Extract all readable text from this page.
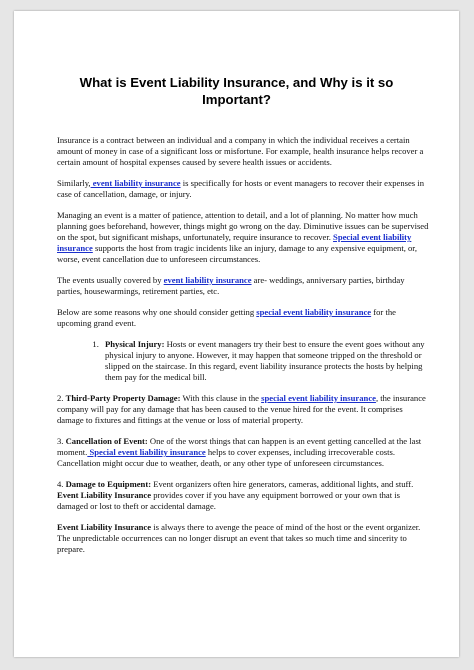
What is Event Liability Insurance, and Why is it so Important?

Insurance is a contract between an individual and a company in which the individual receives a certain amount of money in case of a significant loss or misfortune. For example, health insurance helps recover a certain amount of hospital expenses caused by severe health issues or accidents.

Similarly, event liability insurance is specifically for hosts or event managers to recover their expenses in case of cancellation, damage, or injury.

Managing an event is a matter of patience, attention to detail, and a lot of planning. No matter how much planning goes beforehand, however, things might go wrong on the day. Diminutive issues can be supervised on the spot, but significant mishaps, unfortunately, require insurance to recover. Special event liability insurance supports the host from tragic incidents like an injury, damage to any expensive equipment, or, worse, event cancellation due to unforeseen circumstances.

The events usually covered by event liability insurance are- weddings, anniversary parties, birthday parties, housewarmings, retirement parties, etc.

Below are some reasons why one should consider getting special event liability insurance for the upcoming grand event.

1. Physical Injury: Hosts or event managers try their best to ensure the event goes without any physical injury to anyone. However, it may happen that someone tripped on the threshold or slipped on the staircase. In this regard, event liability insurance protects the hosts by helping them pay for the medical bill.

2. Third-Party Property Damage: With this clause in the special event liability insurance, the insurance company will pay for any damage that has been caused to the venue hired for the event. It comprises damage to fixtures and fittings at the venue or loss of material property.

3. Cancellation of Event: One of the worst things that can happen is an event getting cancelled at the last moment. Special event liability insurance helps to cover expenses, including irrecoverable costs. Cancellation might occur due to weather, death, or any other type of unforeseen circumstances.

4. Damage to Equipment: Event organizers often hire generators, cameras, additional lights, and stuff. Event Liability Insurance provides cover if you have any equipment borrowed or your own that is damaged or lost to theft or accidental damage.

Event Liability Insurance is always there to avenge the peace of mind of the host or the event organizer. The unpredictable occurrences can no longer disrupt an event that takes so much time and sincerity to prepare.
